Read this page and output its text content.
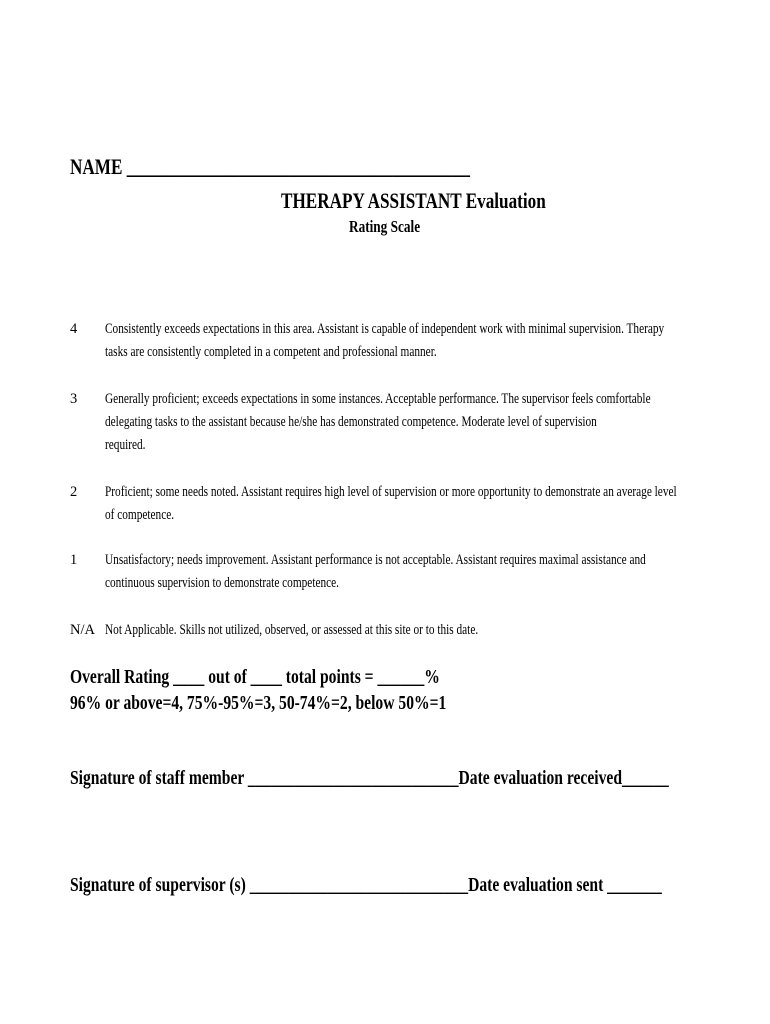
NAME ________________________________________
THERAPY ASSISTANT Evaluation
Rating Scale
4 Consistently exceeds expectations in this area. Assistant is capable of independent work with minimal supervision. Therapy
tasks are consistently completed in a competent and professional manner.
3 Generally proficient; exceeds expectations in some instances. Acceptable performance. The supervisor feels comfortable
delegating tasks to the assistant because he/she has demonstrated competence. Moderate level of supervision
required.
2 Proficient; some needs noted. Assistant requires high level of supervision or more opportunity to demonstrate an average level
of competence.
1 Unsatisfactory; needs improvement. Assistant performance is not acceptable. Assistant requires maximal assistance and
continuous supervision to demonstrate competence.
N/A Not Applicable. Skills not utilized, observed, or assessed at this site or to this date.
Overall Rating ____ out of ____ total points = ______%
96% or above=4, 75%-95%=3, 50-74%=2, below 50%=1
Signature of staff member ___________________________Date evaluation received______
Signature of supervisor (s) ____________________________Date evaluation sent _______
